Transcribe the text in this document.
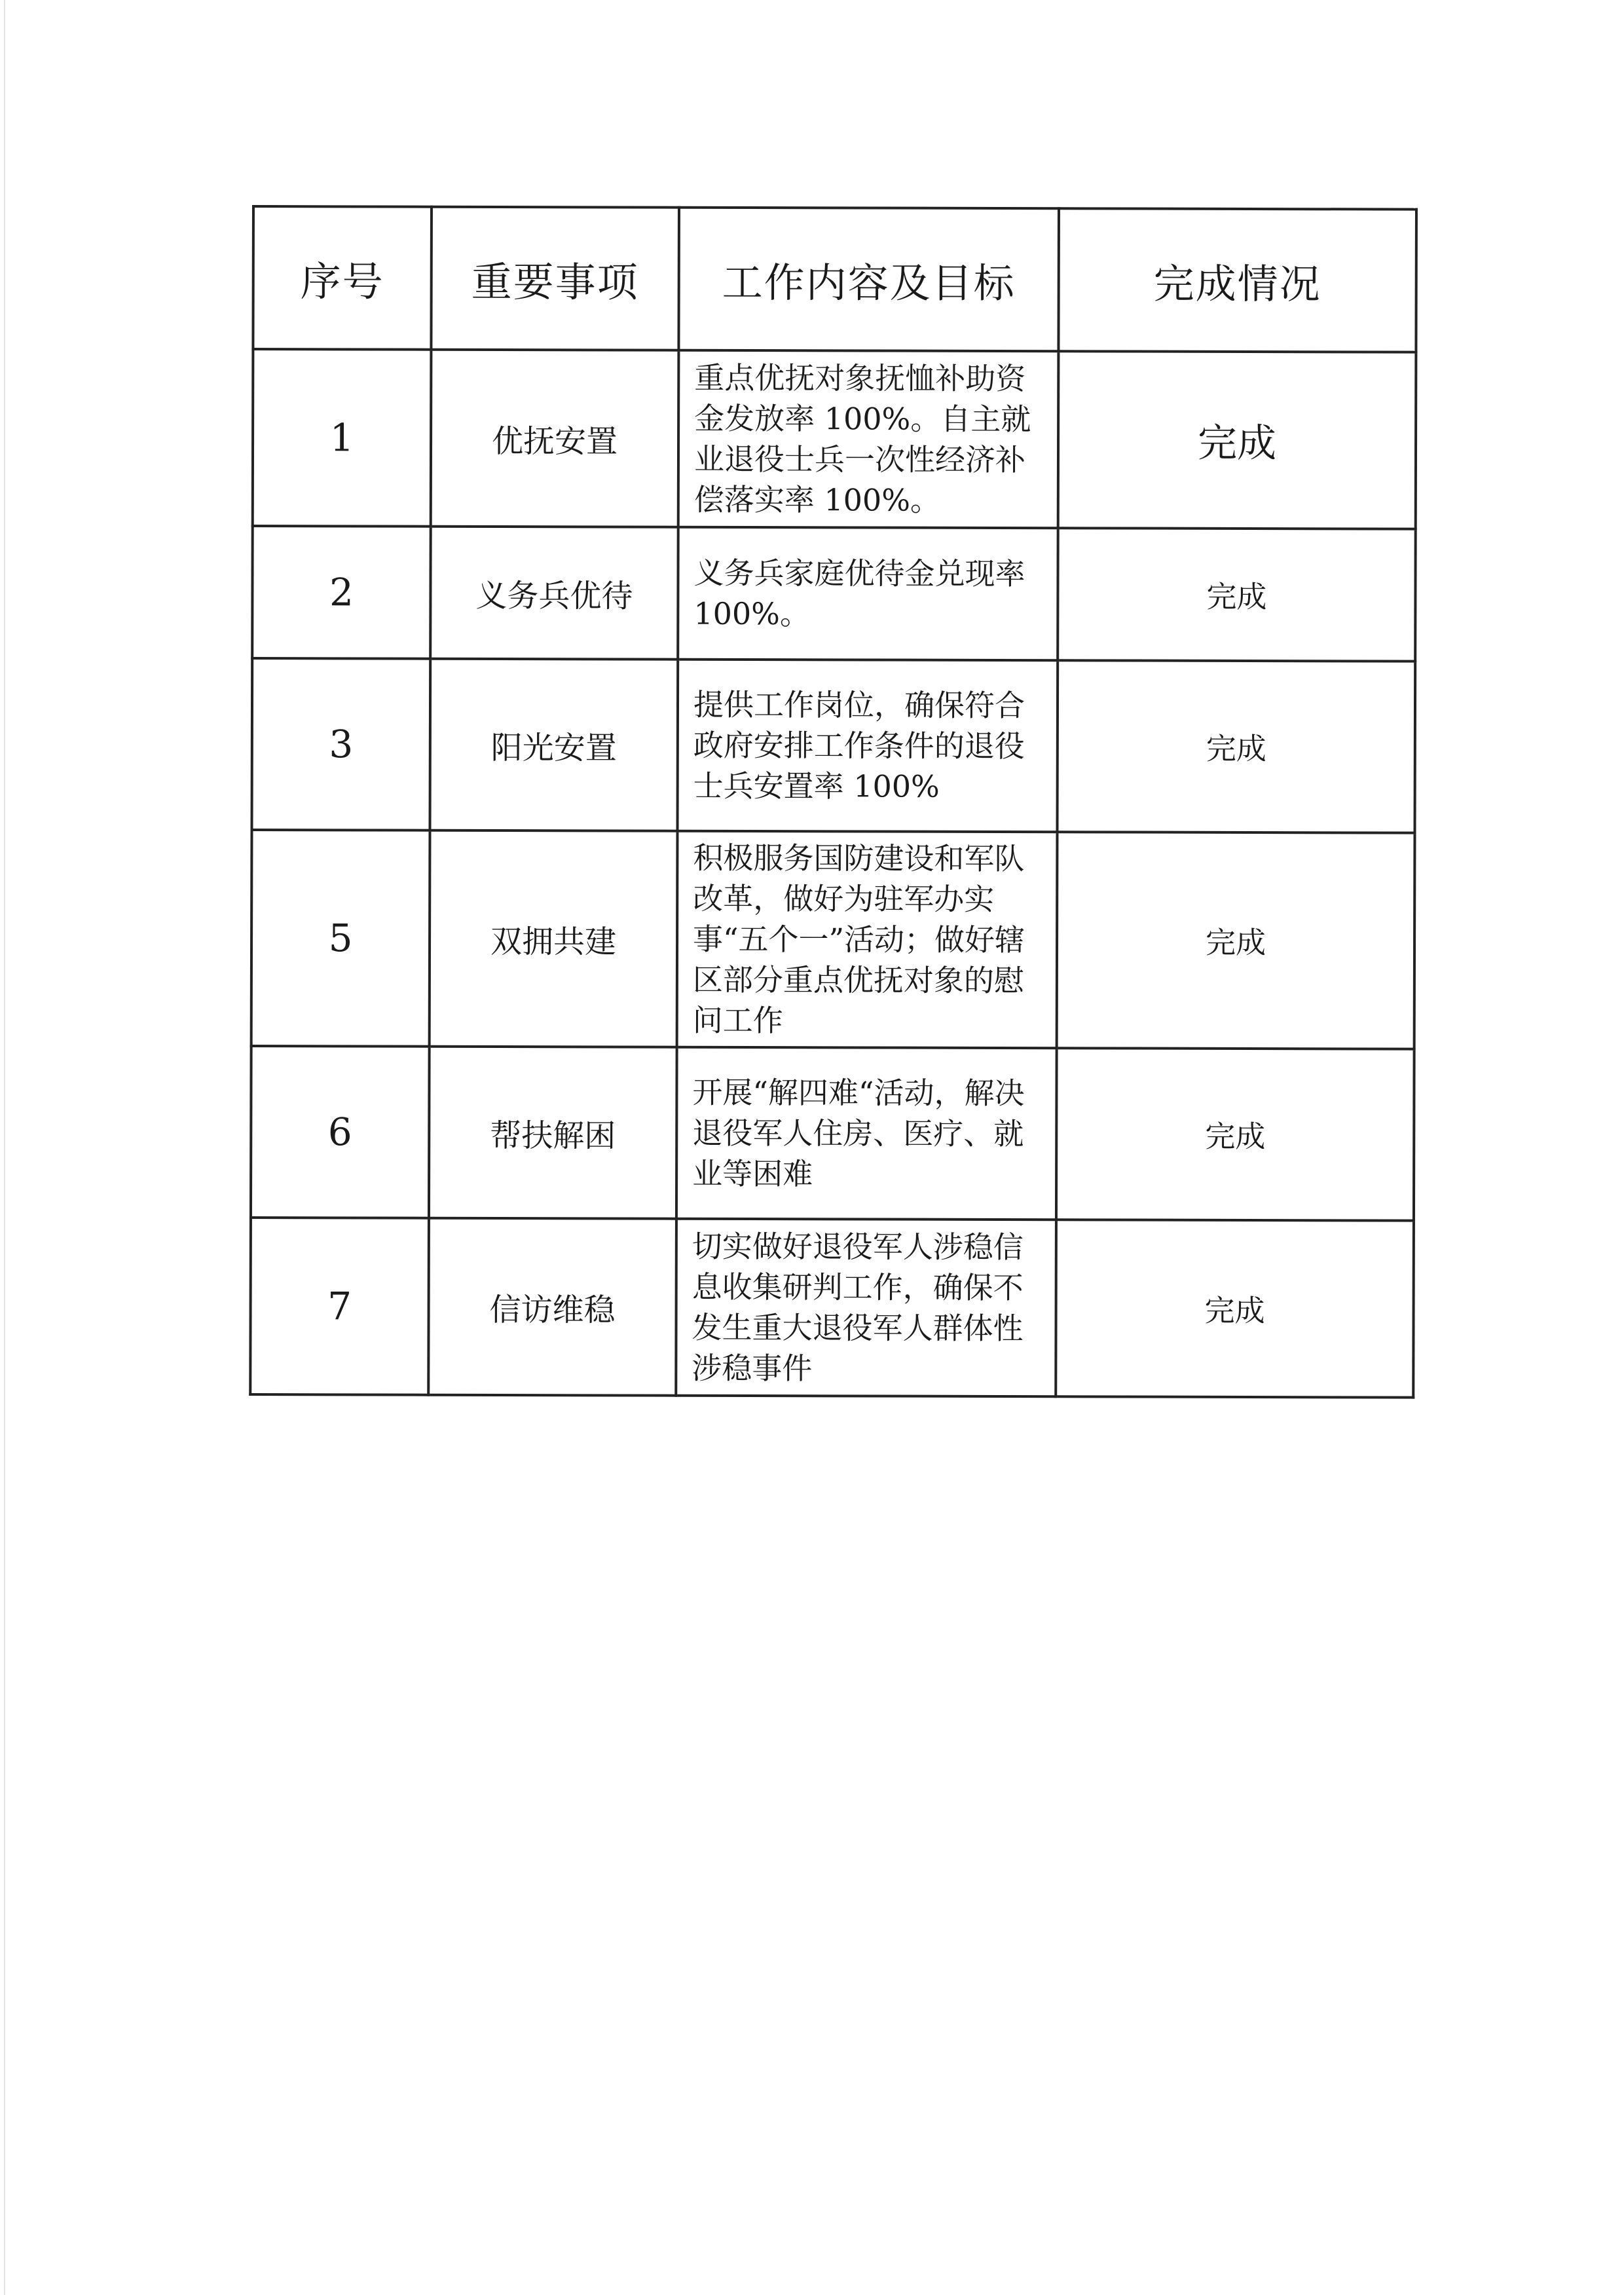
序号	重要事项	工作内容及目标	完成情况
1	优抚安置	重点优抚对象抚恤补助资金发放率 100%。自主就业退役士兵一次性经济补偿落实率 100%。	完成
2	义务兵优待	义务兵家庭优待金兑现率 100%。	完成
3	阳光安置	提供工作岗位，确保符合政府安排工作条件的退役士兵安置率 100%	完成
5	双拥共建	积极服务国防建设和军队改革，做好为驻军办实事“五个一”活动；做好辖区部分重点优抚对象的慰问工作	完成
6	帮扶解困	开展“解四难“活动，解决退役军人住房、医疗、就业等困难	完成
7	信访维稳	切实做好退役军人涉稳信息收集研判工作，确保不发生重大退役军人群体性涉稳事件	完成
